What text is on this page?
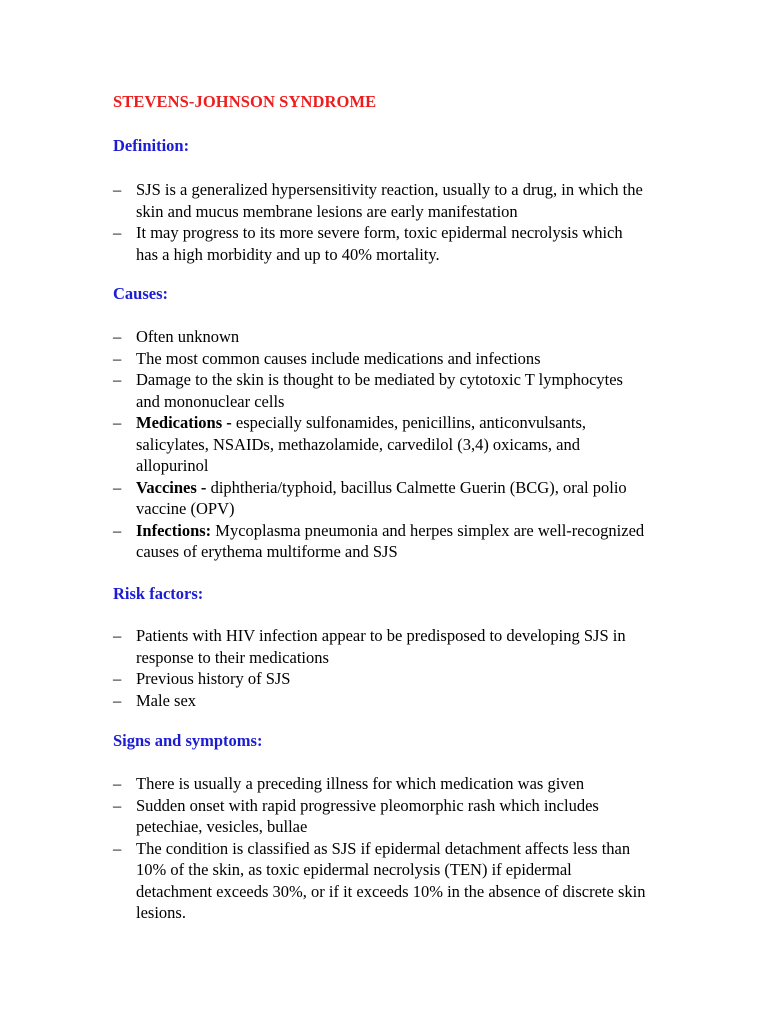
STEVENS-JOHNSON SYNDROME
Definition:
– SJS is a generalized hypersensitivity reaction, usually to a drug, in which the skin and mucus membrane lesions are early manifestation
– It may progress to its more severe form, toxic epidermal necrolysis which has a high morbidity and up to 40% mortality.
Causes:
– Often unknown
– The most common causes include medications and infections
– Damage to the skin is thought to be mediated by cytotoxic T lymphocytes and mononuclear cells
– Medications - especially sulfonamides, penicillins, anticonvulsants, salicylates, NSAIDs, methazolamide, carvedilol (3,4) oxicams, and allopurinol
– Vaccines - diphtheria/typhoid, bacillus Calmette Guerin (BCG), oral polio vaccine (OPV)
– Infections: Mycoplasma pneumonia and herpes simplex are well-recognized causes of erythema multiforme and SJS
Risk factors:
– Patients with HIV infection appear to be predisposed to developing SJS in response to their medications
– Previous history of SJS
– Male sex
Signs and symptoms:
– There is usually a preceding illness for which medication was given
– Sudden onset with rapid progressive pleomorphic rash which includes petechiae, vesicles, bullae
– The condition is classified as SJS if epidermal detachment affects less than 10% of the skin, as toxic epidermal necrolysis (TEN) if epidermal detachment exceeds 30%, or if it exceeds 10% in the absence of discrete skin lesions.
